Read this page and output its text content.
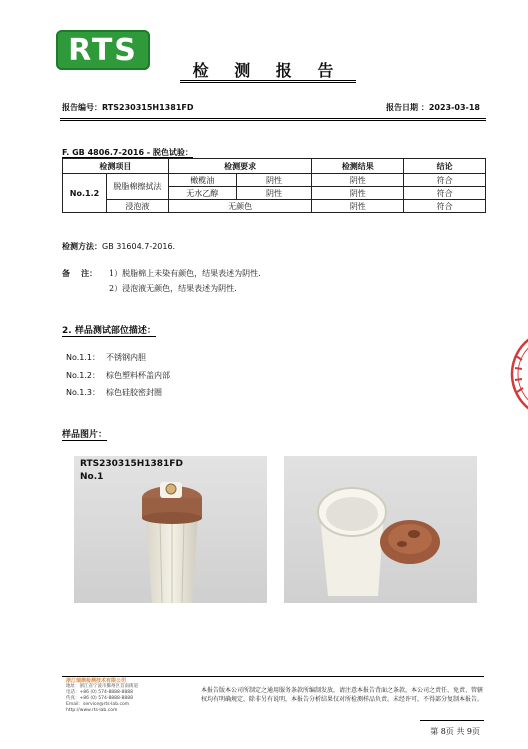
RTS
检 测 报 告
报告编号：RTS230315H1381FD	报告日期 ：2023-03-18
F. GB 4806.7-2016 - 脱色试验：
检测项目		检测要求		检测结果	结论
No.1.2	脱脂棉擦拭法	橄榄油	阴性	阴性	符合
		无水乙醇	阴性	阴性	符合
	浸泡液	无颜色		阴性	符合
检测方法：GB 31604.7-2016.
备    注： 1）脱脂棉上未染有颜色，结果表述为阴性.
2）浸泡液无颜色，结果表述为阴性.
2. 样品测试部位描述：
No.1.1： 不锈钢内胆
No.1.2： 棕色塑料杯盖内部
No.1.3： 棕色硅胶密封圈
样品图片：
RTS230315H1381FD
No.1
浙江瑞鼎检测技术有限公司
地址：浙江省宁波市鄞州区首南街道
电话：+86 (0) 574-8888-8888
传真：+86 (0) 574-8888-8888
Email：service@rts-lab.com
http://www.rts-lab.com
本报告版本公司所制定之通用服务条款所编制发放，请注意本报告背面之条款，本公司之责任、免责、管辖权均有明确规定，除非另有说明，本报告分析结果仅对所检测样品负责。未经许可，不得部分复制本报告。
第 8页 共 9页
